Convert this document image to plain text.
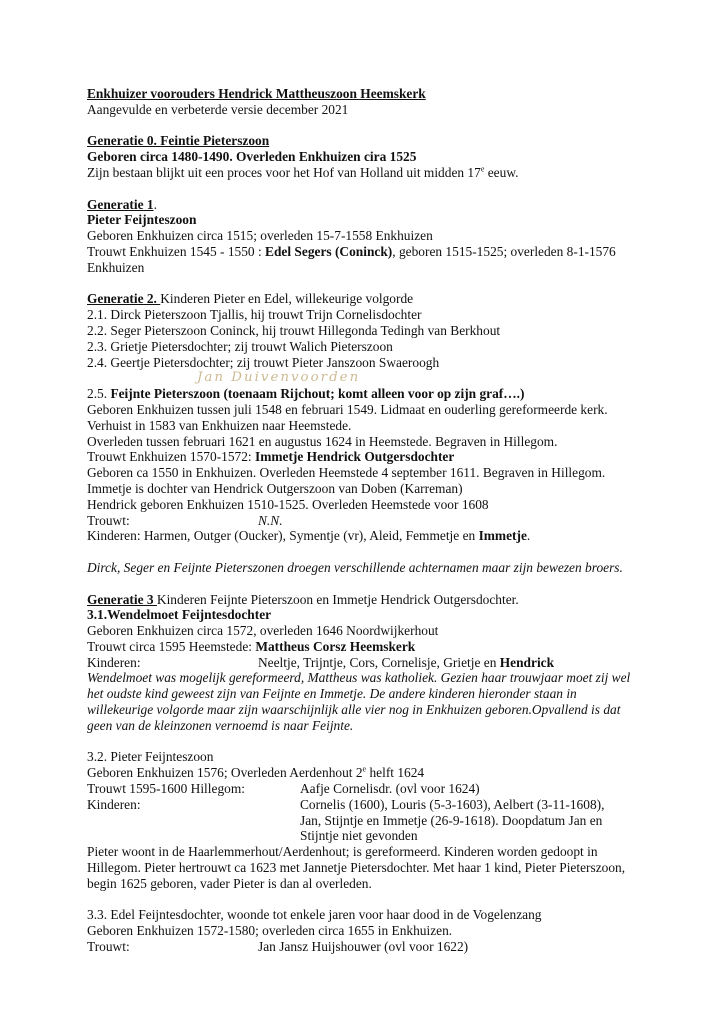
Enkhuizer voorouders Hendrick Mattheuszoon Heemskerk
Aangevulde en verbeterde versie december 2021
Generatie 0. Feintie Pieterszoon
Geboren circa 1480-1490. Overleden Enkhuizen cira 1525
Zijn bestaan blijkt uit een proces voor het Hof van Holland uit midden 17e eeuw.
Generatie 1.
Pieter Feijnteszoon
Geboren Enkhuizen circa 1515; overleden 15-7-1558 Enkhuizen
Trouwt Enkhuizen 1545 - 1550 : Edel Segers (Coninck), geboren 1515-1525; overleden 8-1-1576
Enkhuizen
Generatie 2. Kinderen Pieter en Edel, willekeurige volgorde
2.1. Dirck Pieterszoon Tjallis, hij trouwt Trijn Cornelisdochter
2.2. Seger Pieterszoon Coninck, hij trouwt Hillegonda Tedingh van Berkhout
2.3. Grietje Pietersdochter; zij trouwt Walich Pieterszoon
2.4. Geertje Pietersdochter; zij trouwt Pieter Janszoon Swaeroogh
Jan Duivenvoorden
2.5. Feijnte Pieterszoon (toenaam Rijchout; komt alleen voor op zijn graf….)
Geboren Enkhuizen tussen juli 1548 en februari 1549. Lidmaat en ouderling gereformeerde kerk.
Verhuist in 1583 van Enkhuizen naar Heemstede.
Overleden tussen februari 1621 en augustus 1624 in Heemstede. Begraven in Hillegom.
Trouwt Enkhuizen 1570-1572: Immetje Hendrick Outgersdochter
Geboren ca 1550 in Enkhuizen. Overleden Heemstede 4 september 1611. Begraven in Hillegom.
Immetje is dochter van Hendrick Outgerszoon van Doben (Karreman)
Hendrick geboren Enkhuizen 1510-1525. Overleden Heemstede voor 1608
Trouwt:	N.N.
Kinderen: Harmen, Outger (Oucker), Symentje (vr), Aleid, Femmetje en Immetje.
Dirck, Seger en Feijnte Pieterszonen droegen verschillende achternamen maar zijn bewezen broers.
Generatie 3 Kinderen Feijnte Pieterszoon en Immetje Hendrick Outgersdochter.
3.1.Wendelmoet Feijntesdochter
Geboren Enkhuizen circa 1572, overleden 1646 Noordwijkerhout
Trouwt circa 1595 Heemstede: Mattheus Corsz Heemskerk
Kinderen:	Neeltje, Trijntje, Cors, Cornelisje, Grietje en Hendrick
Wendelmoet was mogelijk gereformeerd, Mattheus was katholiek. Gezien haar trouwjaar moet zij wel
het oudste kind geweest zijn van Feijnte en Immetje. De andere kinderen hieronder staan in
willekeurige volgorde maar zijn waarschijnlijk alle vier nog in Enkhuizen geboren.Opvallend is dat
geen van de kleinzonen vernoemd is naar Feijnte.
3.2. Pieter Feijnteszoon
Geboren Enkhuizen 1576; Overleden Aerdenhout 2e helft 1624
Trouwt 1595-1600 Hillegom:	Aafje Cornelisdr. (ovl voor 1624)
Kinderen:	Cornelis (1600), Louris (5-3-1603), Aelbert (3-11-1608),
Jan, Stijntje en Immetje (26-9-1618). Doopdatum Jan en
Stijntje niet gevonden
Pieter woont in de Haarlemmerhout/Aerdenhout; is gereformeerd. Kinderen worden gedoopt in
Hillegom. Pieter hertrouwt ca 1623 met Jannetje Pietersdochter. Met haar 1 kind, Pieter Pieterszoon,
begin 1625 geboren, vader Pieter is dan al overleden.
3.3. Edel Feijntesdochter, woonde tot enkele jaren voor haar dood in de Vogelenzang
Geboren Enkhuizen 1572-1580; overleden circa 1655 in Enkhuizen.
Trouwt:	Jan Jansz Huijshouwer (ovl voor 1622)
